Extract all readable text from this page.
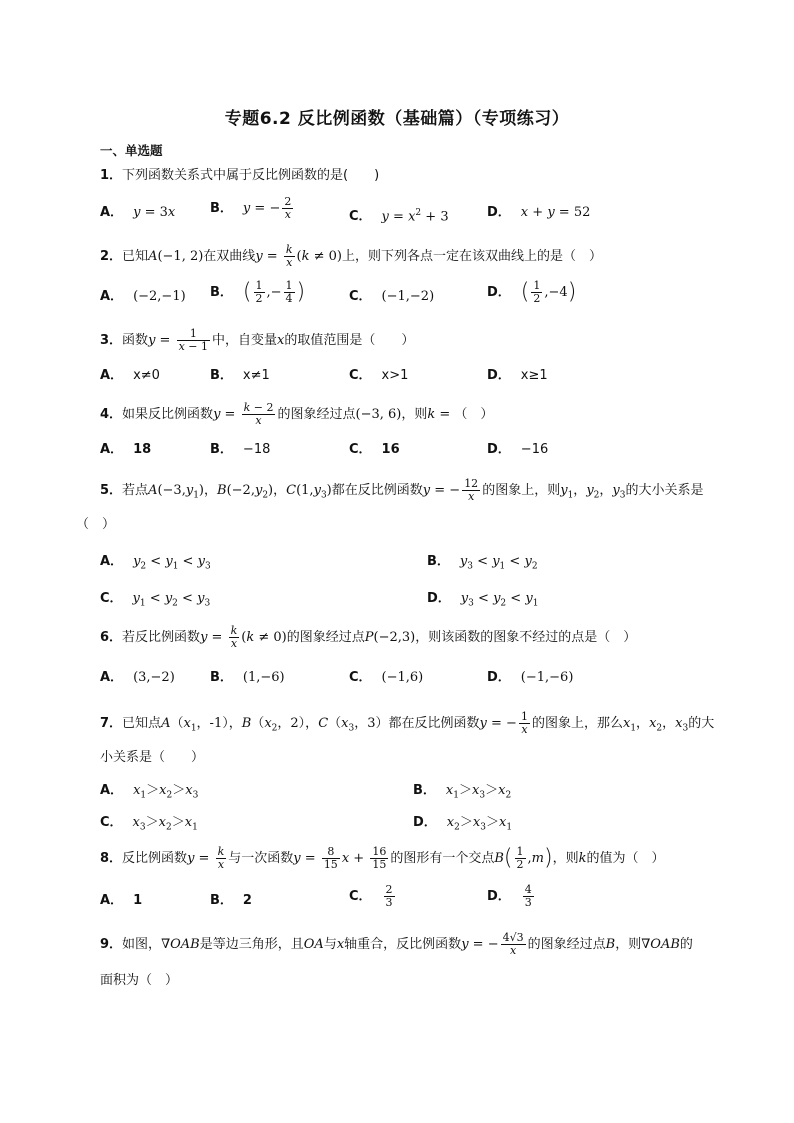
专题6.2 反比例函数（基础篇）（专项练习）
一、单选题
1．下列函数关系式中属于反比例函数的是(　　)
A． y = 3x	B． y = − $\frac{2}{x}$	C． $y = x^2 + 3$	D． x + y = 52
2．已知A(−1, 2)在双曲线$y = \frac{k}{x} (k \ne 0)$上，则下列各点一定在该双曲线上的是（　）
A． (−2,−1) B． ( $\frac{1}{2}$ ,− $\frac{1}{4}$ )	C． (−1,−2)	D． ( $\frac{1}{2} ,-4$)
3．函数$y = \frac{1}{x - 1}$ 中，自变量x的取值范围是（　　）
A． x≠0	B． x≠1	C． x>1	D． x≥1
4．如果反比例函数$y = \frac{k - 2}{x}$ 的图象经过点(−3, 6)，则k = （　）
A． 18	B． −18	C． 16	D． −16
5．若点$A(-3,y_1)$，$B(-2,y_2)$，$C(1,y_3)$都在反比例函数y = − $\frac{12}{x}$ 的图象上，则$y_1$，$y_2$，$y_3$的大小关系是
（　）
A． $y_2 < y_1 < y_3$	B． $y_3 < y_1 < y_2$
C． $y_1 < y_2 < y_3$	D． $y_3 < y_2 < y_1$
6．若反比例函数$y = \frac{k}{x} (k \ne 0)$的图象经过点P(−2,3)，则该函数的图象不经过的点是（　）
A． (3,−2)	B． (1,−6)	C． (−1,6)	D． (−1,−6)
7．已知点$A(x_1$，-1），$B(x_2$，2），$C(x_3$，3）都在反比例函数y = − $\frac{1}{x}$ 的图象上，那么$x_1$，$x_2$，$x_3$的大
小关系是（　　）
A． $x_1>x_2>x_3$	B． $x_1>x_3>x_2$
C． $x_3>x_2>x_1$	D． $x_2>x_3>x_1$
8．反比例函数$y = \frac{k}{x}$ 与一次函数$y = \frac{8}{15}$ $x + \frac{16}{15}$ 的图形有一个交点$B( \frac{1}{2} ,m)$，则k的值为（　）
A． 1	B． 2	C． $\frac{2}{3}$	D． $\frac{4}{3}$
9．如图，∇OAB是等边三角形，且OA与x轴重合，反比例函数y = − $\frac{4√3}{x}$ 的图象经过点B，则∇OAB的
面积为（　）
